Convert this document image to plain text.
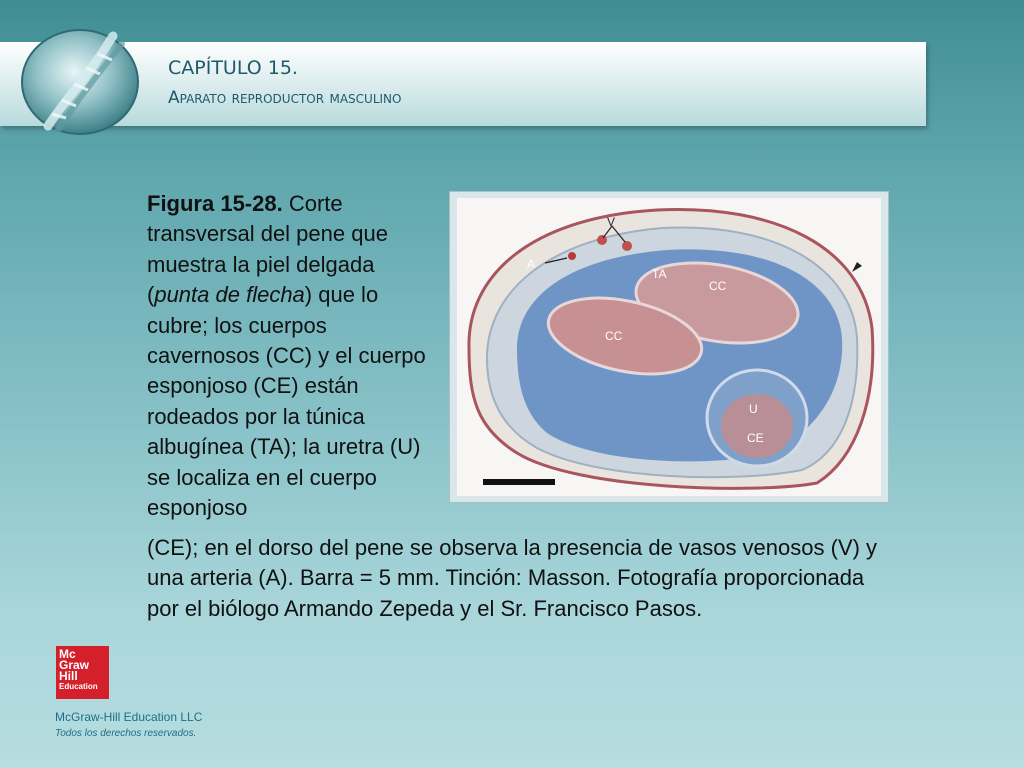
CAPÍTULO 15.
Aparato reproductor masculino
Figura 15-28. Corte transversal del pene que muestra la piel delgada (punta de flecha) que lo cubre; los cuerpos cavernosos (CC) y el cuerpo esponjoso (CE) están rodeados por la túnica albugínea (TA); la uretra (U) se localiza en el cuerpo esponjoso
(CE); en el dorso del pene se observa la presencia de vasos venosos (V) y una arteria (A). Barra = 5 mm. Tinción: Masson. Fotografía proporcionada por el biólogo Armando Zepeda y el Sr. Francisco Pasos.
V
A
TA
CC
CC
U
CE
Mc
Graw
Hill
Education
McGraw-Hill Education LLC
Todos los derechos reservados.
